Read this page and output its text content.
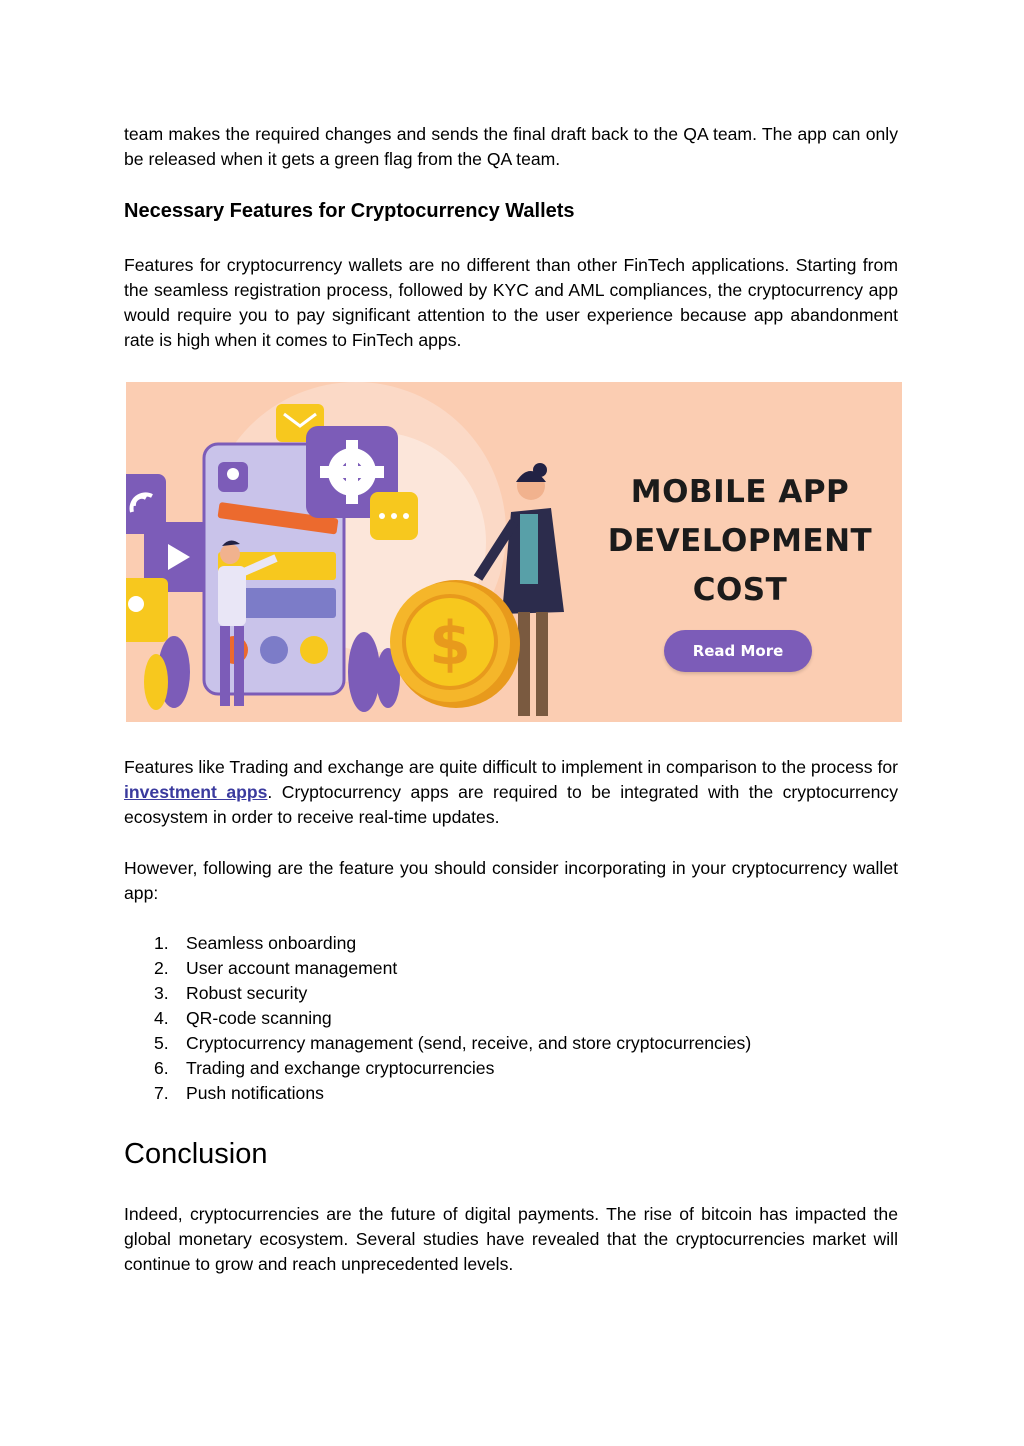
team makes the required changes and sends the final draft back to the QA team. The app can only be released when it gets a green flag from the QA team.

Necessary Features for Cryptocurrency Wallets

Features for cryptocurrency wallets are no different than other FinTech applications. Starting from the seamless registration process, followed by KYC and AML compliances, the cryptocurrency app would require you to pay significant attention to the user experience because app abandonment rate is high when it comes to FinTech apps.

$
MOBILE APP
DEVELOPMENT
COST
Read More

Features like Trading and exchange are quite difficult to implement in comparison to the process for investment apps. Cryptocurrency apps are required to be integrated with the cryptocurrency ecosystem in order to receive real-time updates.

However, following are the feature you should consider incorporating in your cryptocurrency wallet app:

1. Seamless onboarding
2. User account management
3. Robust security
4. QR-code scanning
5. Cryptocurrency management (send, receive, and store cryptocurrencies)
6. Trading and exchange cryptocurrencies
7. Push notifications
Conclusion

Indeed, cryptocurrencies are the future of digital payments. The rise of bitcoin has impacted the global monetary ecosystem. Several studies have revealed that the cryptocurrencies market will continue to grow and reach unprecedented levels.
